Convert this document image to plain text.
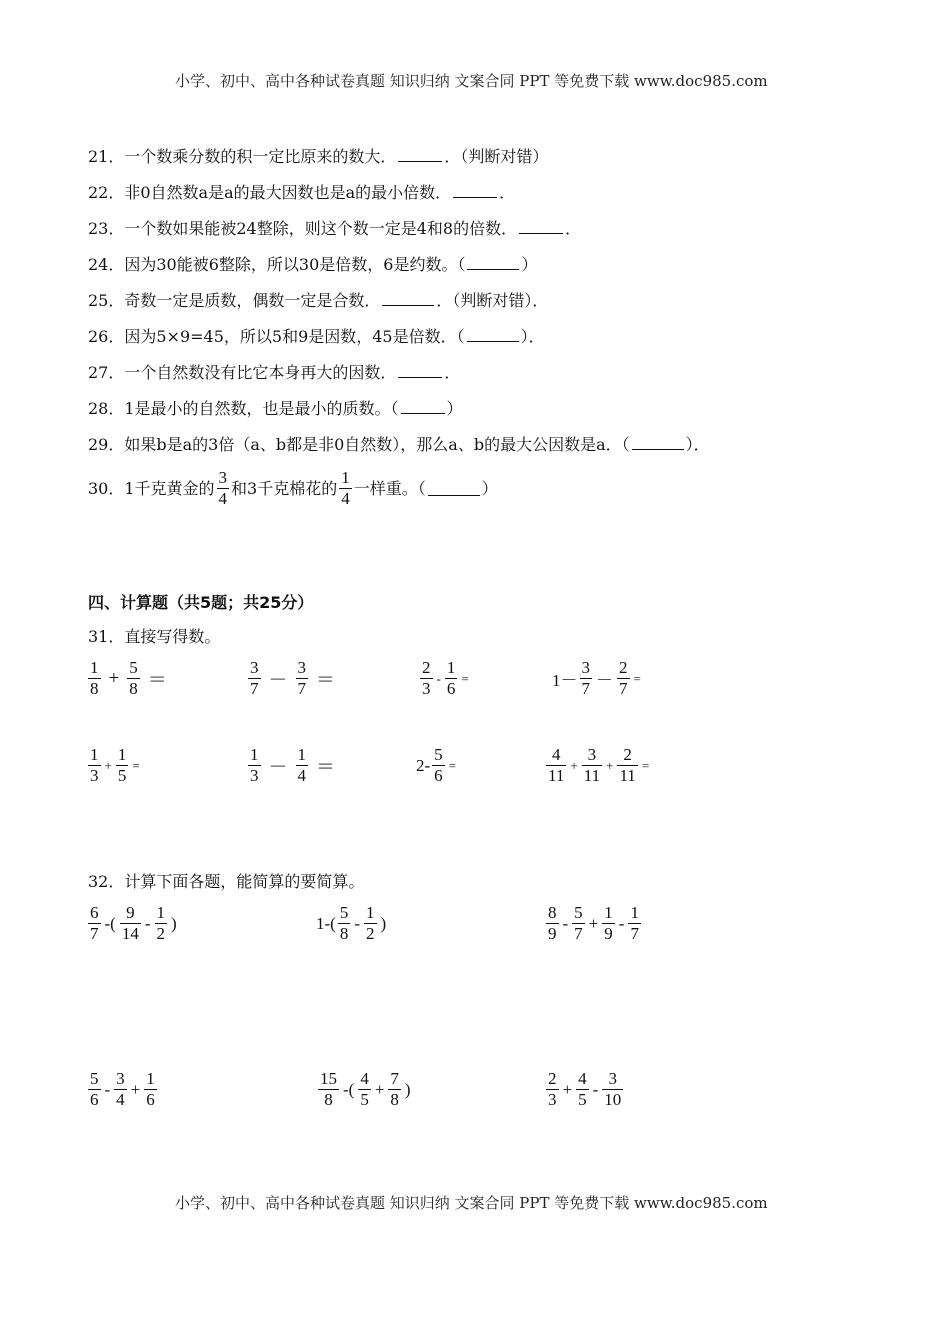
小学、初中、高中各种试卷真题 知识归纳 文案合同 PPT 等免费下载 www.doc985.com
21．一个数乘分数的积一定比原来的数大．	．（判断对错）
22．非0自然数a是a的最大因数也是a的最小倍数．	．
23．一个数如果能被24整除，则这个数一定是4和8的倍数．	．
24．因为30能被6整除，所以30是倍数，6是约数。（	）
25．奇数一定是质数，偶数一定是合数．	．（判断对错）．
26．因为5×9=45，所以5和9是因数，45是倍数．（	）．
27．一个自然数没有比它本身再大的因数．	．
28．1是最小的自然数，也是最小的质数。（	）
29．如果b是a的3倍（a、b都是非0自然数），那么a、b的最大公因数是a．（	）．
30．1千克黄金的 $\frac{3}{4}$ 和3千克棉花的 $\frac{1}{4}$ 一样重。（	）
四、计算题（共5题；共25分）
31．直接写得数。
$\frac{1}{8} + \frac{5}{8}$ ＝	$\frac{3}{7} - \frac{3}{7}$ ＝	$\frac{2}{3} - \frac{1}{6}$ =	$1- \frac{3}{7} - \frac{2}{7}$ =
$\frac{1}{3} + \frac{1}{5}$ =	$\frac{1}{3} - \frac{1}{4}$ ＝	$2- \frac{5}{6}$ =	$\frac{4}{11} + \frac{3}{11} + \frac{2}{11}$ =
32．计算下面各题，能简算的要简算。
$\frac{6}{7}$ -( $\frac{9}{14} - \frac{1}{2}$ )	$1-( \frac{5}{8} - \frac{1}{2}$ )	$\frac{8}{9} - \frac{5}{7} + \frac{1}{9} - \frac{1}{7}$
$\frac{5}{6} - \frac{3}{4} + \frac{1}{6}$	$\frac{15}{8}$ -( $\frac{4}{5} + \frac{7}{8}$ )	$\frac{2}{3} + \frac{4}{5} - \frac{3}{10}$
小学、初中、高中各种试卷真题 知识归纳 文案合同 PPT 等免费下载 www.doc985.com
